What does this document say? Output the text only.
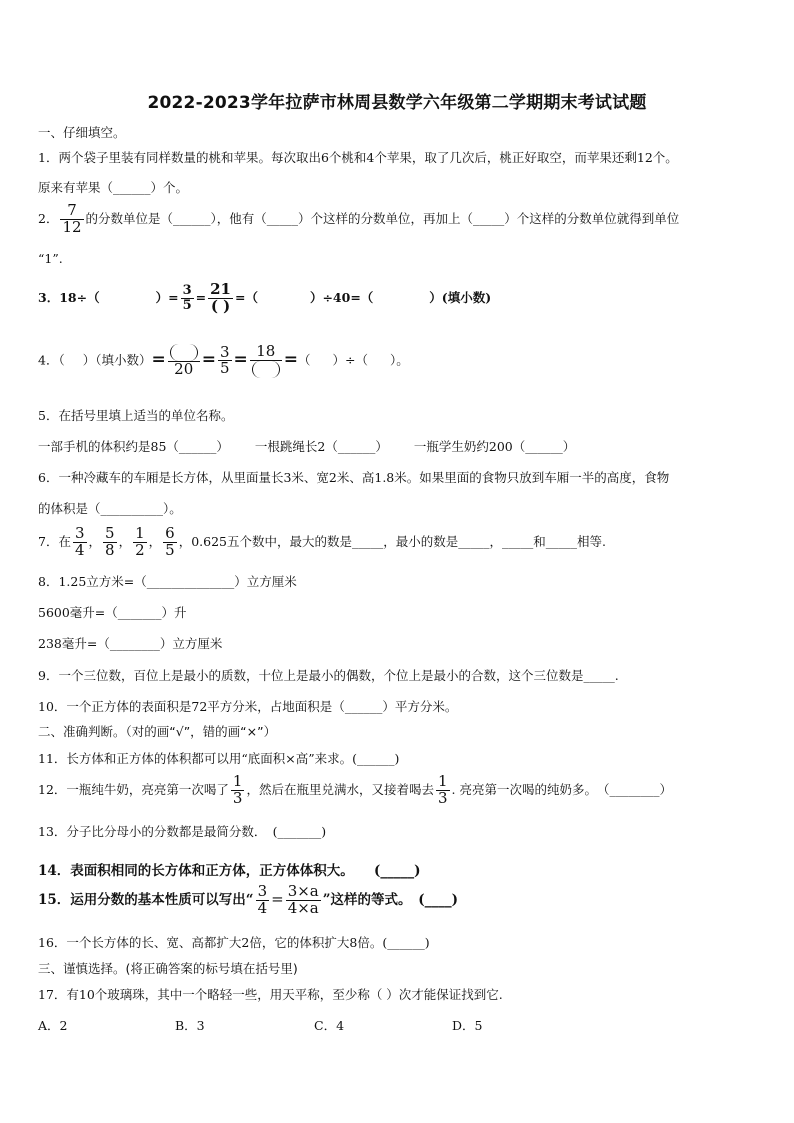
2022-2023学年拉萨市林周县数学六年级第二学期期末考试试题
一、仔细填空。
1．两个袋子里装有同样数量的桃和苹果。每次取出6个桃和4个苹果，取了几次后，桃正好取空，而苹果还剩12个。
原来有苹果（______）个。
2． $\frac{7}{12}$ 的分数单位是（______），他有（_____）个这样的分数单位，再加上（_____）个这样的分数单位就得到单位
“1”.
3．18÷（	）= $\frac{3}{5} = \frac{21}{( )}$ =（	）÷40=（	）(填小数)
4．（ ）（填小数）= $20 = \frac{3}{5} = 18$ =（ ）÷（ ）。
5．在括号里填上适当的单位名称。
一部手机的体积约是85（______） 一根跳绳长2（______） 一瓶学生奶约200（______）
6．一种冷藏车的车厢是长方体，从里面量长3米、宽2米、高1.8米。如果里面的食物只放到车厢一半的高度，食物
的体积是（__________）。
7．在 $\frac{3}{4}$ ， $\frac{5}{8}$ ， $\frac{1}{2}$ ， $\frac{6}{5}$ ，0.625五个数中，最大的数是_____，最小的数是_____，_____和_____相等.
8．1.25立方米=（______________）立方厘米
5600毫升=（_______）升
238毫升=（________）立方厘米
9．一个三位数，百位上是最小的质数，十位上是最小的偶数，个位上是最小的合数，这个三位数是_____.
10．一个正方体的表面积是72平方分米，占地面积是（______）平方分米。
二、准确判断。（对的画“√”，错的画“×”）
11．长方体和正方体的体积都可以用“底面积×高”来求。(______)
12．一瓶纯牛奶，亮亮第一次喝了 $\frac{1}{3}$ ，然后在瓶里兑满水，又接着喝去 $\frac{1}{3}$ . 亮亮第一次喝的纯奶多。　（________）
13．分子比分母小的分数都是最简分数．　(_______)
14．表面积相同的长方体和正方体，正方体体积大。　　(_____)
15．运用分数的基本性质可以写出“ $\frac{3}{4} = \frac{3\times a}{4\times a}$ ”这样的等式。　(____)
16．一个长方体的长、宽、高都扩大2倍，它的体积扩大8倍。(______)
三、谨慎选择。(将正确答案的标号填在括号里)
17．有10个玻璃珠，其中一个略轻一些，用天平称，至少称（ ）次才能保证找到它.
A．2	B．3	C．4	D．5
